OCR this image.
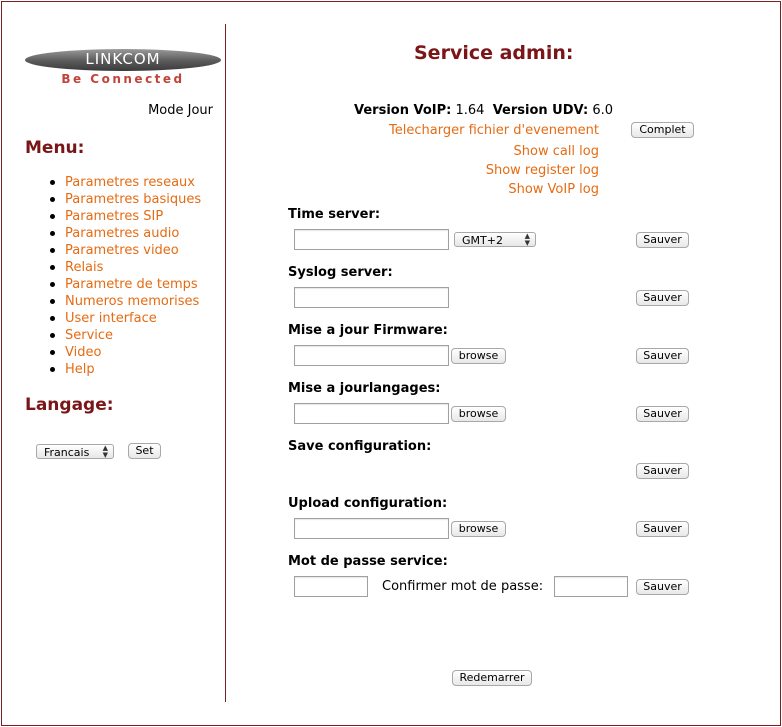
LINKCOM
Be Connected
Mode Jour
Menu:
Parametres reseaux
Parametres basiques
Parametres SIP
Parametres audio
Parametres video
Relais
Parametre de temps
Numeros memorises
User interface
Service
Video
Help
Langage:
Francais ▲
▼	Set
Service admin:
Version VoIP: 1.64 Version UDV: 6.0
Telecharger fichier d'evenement	Complet
Show call log
Show register log
Show VoIP log
Time server:
GMT+2	▲
▼	Sauver
Syslog server:
Sauver
Mise a jour Firmware:
browse	Sauver
Mise a jourlangages:
browse	Sauver
Save configuration:
Sauver
Upload configuration:
browse	Sauver
Mot de passe service:
Confirmer mot de passe:	Sauver
Redemarrer
